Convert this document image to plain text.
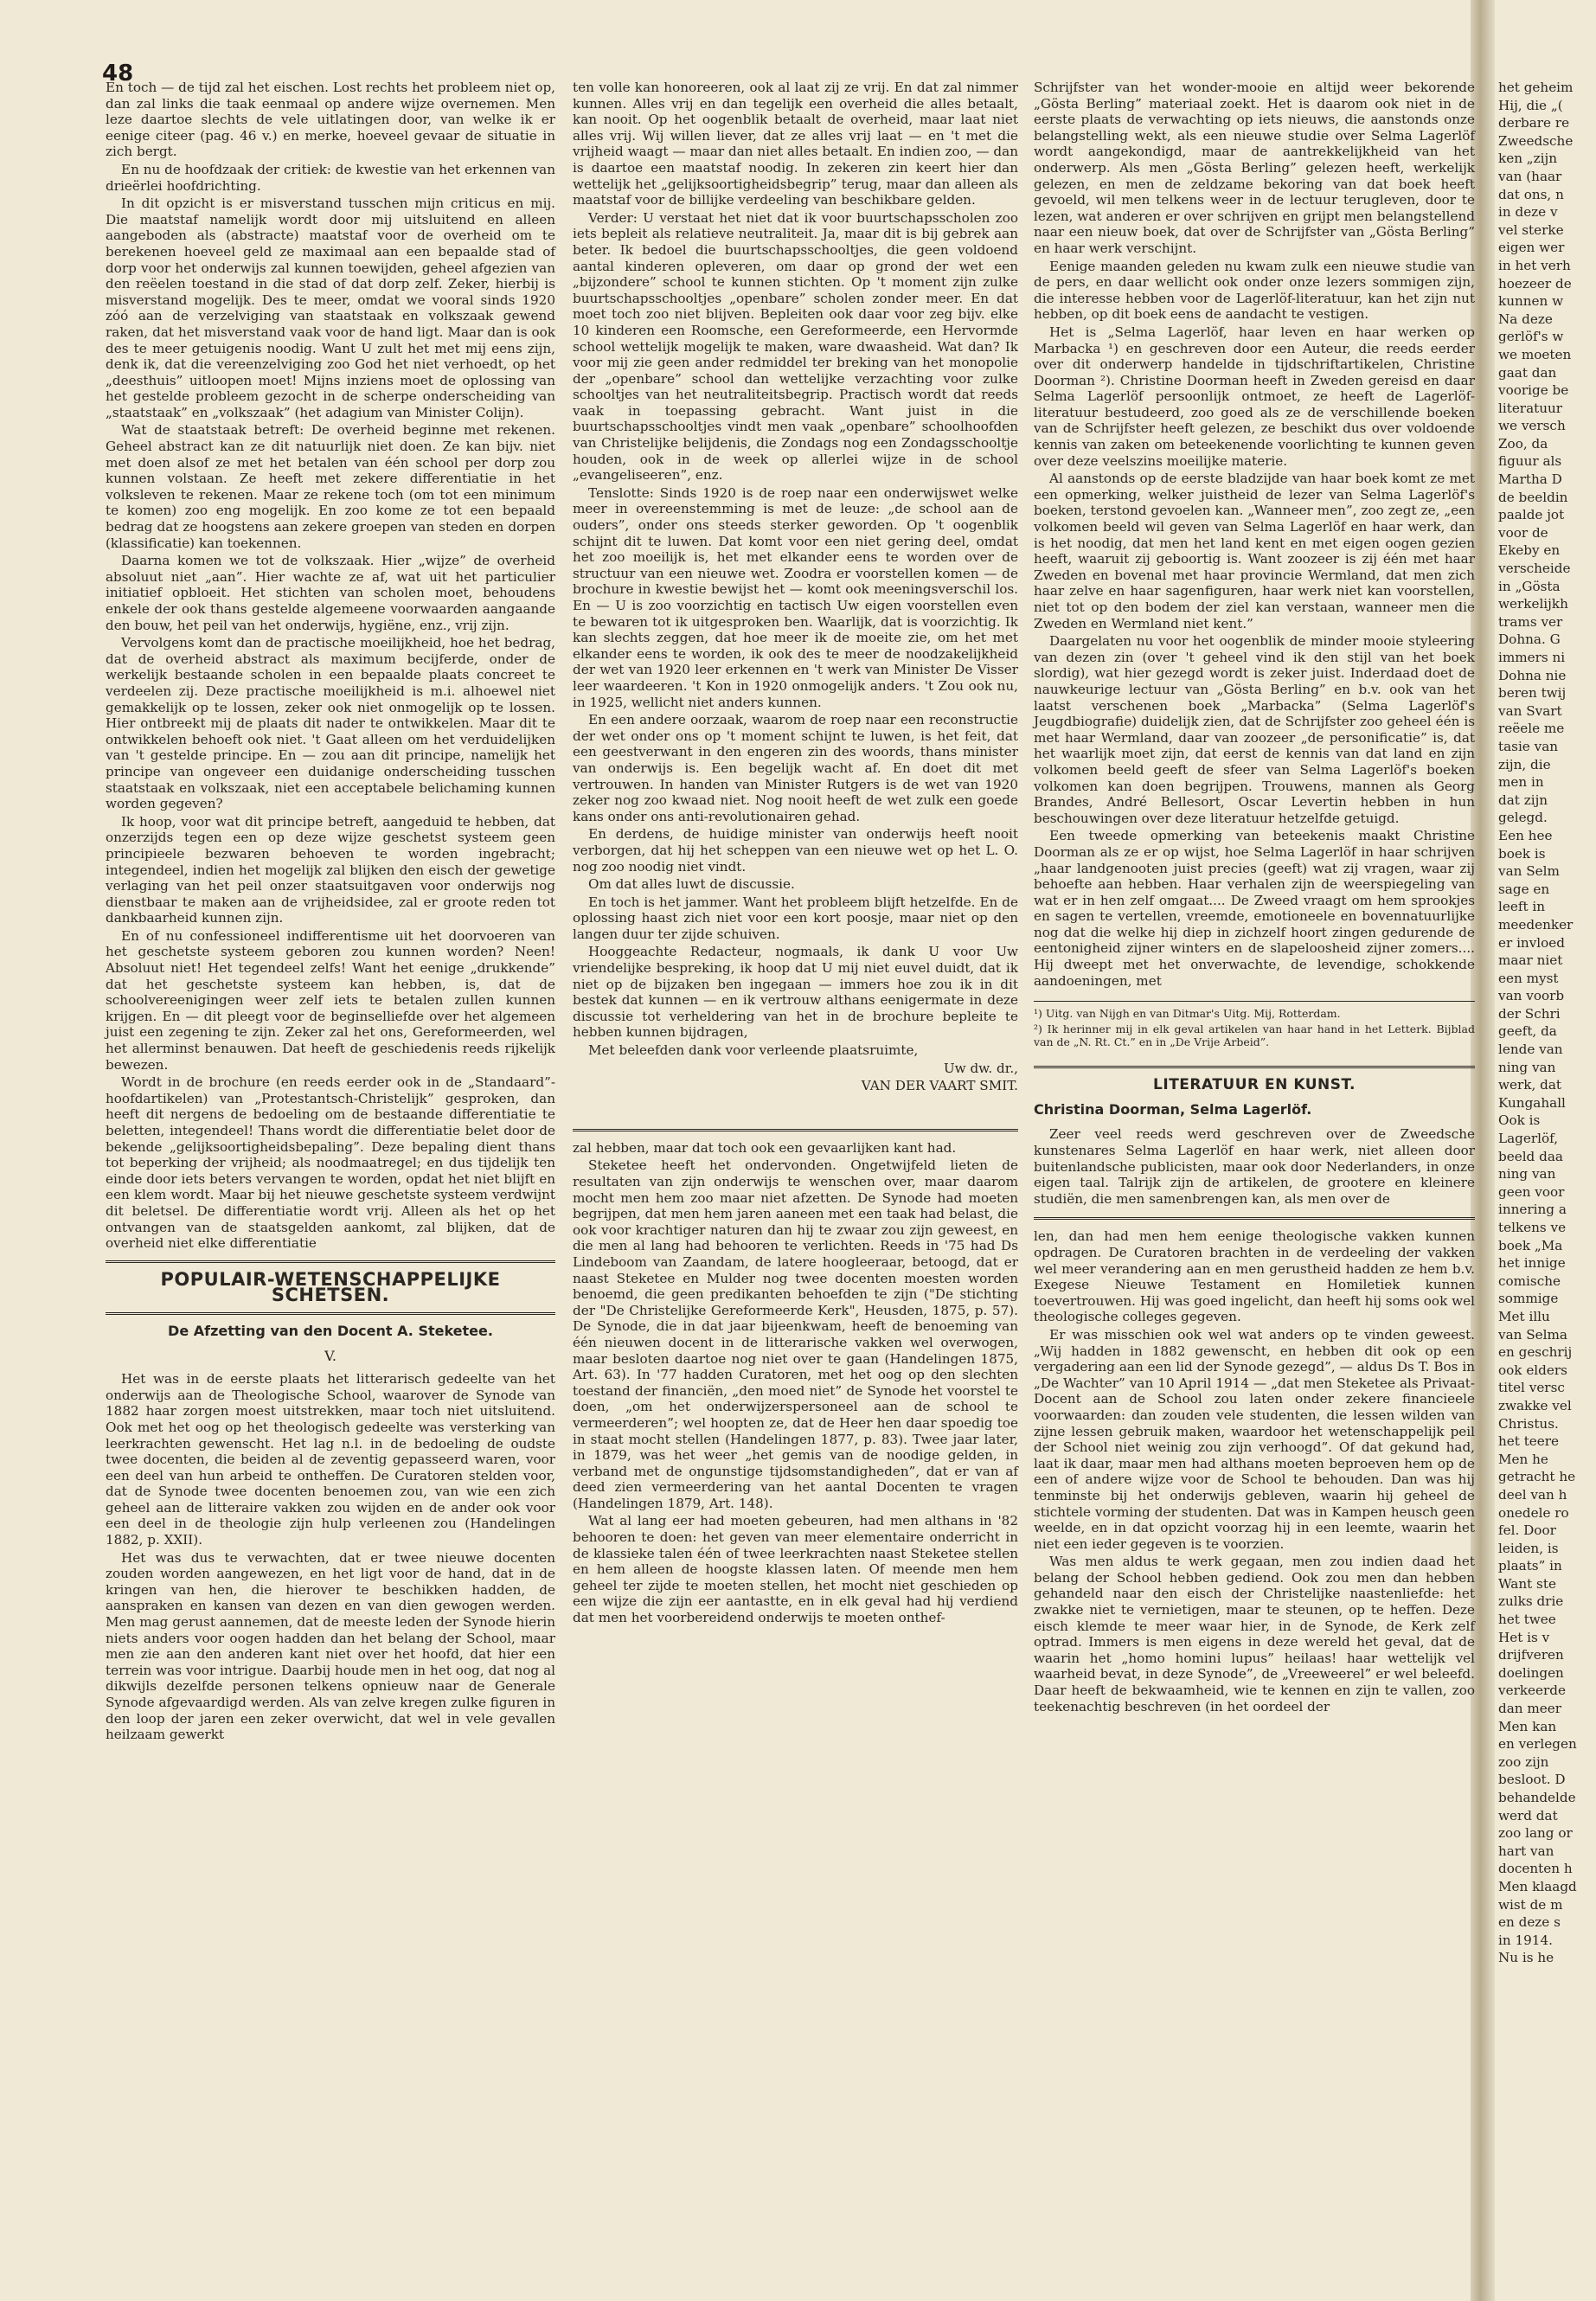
48

En toch — de tijd zal het eischen. Lost rechts het probleem niet op, dan zal links die taak eenmaal op andere wijze overnemen. Men leze daartoe slechts de vele uitlatingen door, van welke ik er eenige citeer (pag. 46 v.) en merke, hoeveel gevaar de situatie in zich bergt.

En nu de hoofdzaak der critiek: de kwestie van het erkennen van drieërlei hoofdrichting.

In dit opzicht is er misverstand tusschen mijn criticus en mij. Die maatstaf namelijk wordt door mij uitsluitend en alleen aangeboden als (abstracte) maatstaf voor de overheid om te berekenen hoeveel geld ze maximaal aan een bepaalde stad of dorp voor het onderwijs zal kunnen toewijden, geheel afgezien van den reëelen toestand in die stad of dat dorp zelf. Zeker, hierbij is misverstand mogelijk. Des te meer, omdat we vooral sinds 1920 zóó aan de verzelviging van staatstaak en volkszaak gewend raken, dat het misverstand vaak voor de hand ligt. Maar dan is ook des te meer getuigenis noodig. Want U zult het met mij eens zijn, denk ik, dat die vereenzelviging zoo God het niet verhoedt, op het „deesthuis” uitloopen moet! Mijns inziens moet de oplossing van het gestelde probleem gezocht in de scherpe onderscheiding van „staatstaak” en „volkszaak” (het adagium van Minister Colijn).

Wat de staatstaak betreft: De overheid beginne met rekenen. Geheel abstract kan ze dit natuurlijk niet doen. Ze kan bijv. niet met doen alsof ze met het betalen van één school per dorp zou kunnen volstaan. Ze heeft met zekere differentiatie in het volksleven te rekenen. Maar ze rekene toch (om tot een minimum te komen) zoo eng mogelijk. En zoo kome ze tot een bepaald bedrag dat ze hoogstens aan zekere groepen van steden en dorpen (klassificatie) kan toekennen.

Daarna komen we tot de volkszaak. Hier „wijze” de overheid absoluut niet „aan”. Hier wachte ze af, wat uit het particulier initiatief opbloeit. Het stichten van scholen moet, behoudens enkele der ook thans gestelde algemeene voorwaarden aangaande den bouw, het peil van het onderwijs, hygiëne, enz., vrij zijn.

Vervolgens komt dan de practische moeilijkheid, hoe het bedrag, dat de overheid abstract als maximum becijferde, onder de werkelijk bestaande scholen in een bepaalde plaats concreet te verdeelen zij. Deze practische moeilijkheid is m.i. alhoewel niet gemakkelijk op te lossen, zeker ook niet onmogelijk op te lossen. Hier ontbreekt mij de plaats dit nader te ontwikkelen. Maar dit te ontwikkelen behoeft ook niet. 't Gaat alleen om het verduidelijken van 't gestelde principe. En — zou aan dit principe, namelijk het principe van ongeveer een duidanige onderscheiding tusschen staatstaak en volkszaak, niet een acceptabele belichaming kunnen worden gegeven?

Ik hoop, voor wat dit principe betreft, aangeduid te hebben, dat onzerzijds tegen een op deze wijze geschetst systeem geen principieele bezwaren behoeven te worden ingebracht; integendeel, indien het mogelijk zal blijken den eisch der gewetige verlaging van het peil onzer staatsuitgaven voor onderwijs nog dienstbaar te maken aan de vrijheidsidee, zal er groote reden tot dankbaarheid kunnen zijn.

En of nu confessioneel indifferentisme uit het doorvoeren van het geschetste systeem geboren zou kunnen worden? Neen! Absoluut niet! Het tegendeel zelfs! Want het eenige „drukkende” dat het geschetste systeem kan hebben, is, dat de schoolvereenigingen weer zelf iets te betalen zullen kunnen krijgen. En — dit pleegt voor de beginselliefde over het algemeen juist een zegening te zijn. Zeker zal het ons, Gereformeerden, wel het allerminst benauwen. Dat heeft de geschiedenis reeds rijkelijk bewezen.

Wordt in de brochure (en reeds eerder ook in de „Standaard”-hoofdartikelen) van „Protestantsch-Christelijk” gesproken, dan heeft dit nergens de bedoeling om de bestaande differentiatie te beletten, integendeel! Thans wordt die differentiatie belet door de bekende „gelijksoortigheidsbepaling”. Deze bepaling dient thans tot beperking der vrijheid; als noodmaatregel; en dus tijdelijk ten einde door iets beters vervangen te worden, opdat het niet blijft en een klem wordt. Maar bij het nieuwe geschetste systeem verdwijnt dit beletsel. De differentiatie wordt vrij. Alleen als het op het ontvangen van de staatsgelden aankomt, zal blijken, dat de overheid niet elke differentiatie

POPULAIR-WETENSCHAPPELIJKE SCHETSEN.
De Afzetting van den Docent A. Steketee.
V.

Het was in de eerste plaats het litterarisch gedeelte van het onderwijs aan de Theologische School, waarover de Synode van 1882 haar zorgen moest uitstrekken, maar toch niet uitsluitend. Ook met het oog op het theologisch gedeelte was versterking van leerkrachten gewenscht. Het lag n.l. in de bedoeling de oudste twee docenten, die beiden al de zeventig gepasseerd waren, voor een deel van hun arbeid te ontheffen. De Curatoren stelden voor, dat de Synode twee docenten benoemen zou, van wie een zich geheel aan de litteraire vakken zou wijden en de ander ook voor een deel in de theologie zijn hulp verleenen zou (Handelingen 1882, p. XXII).

Het was dus te verwachten, dat er twee nieuwe docenten zouden worden aangewezen, en het ligt voor de hand, dat in de kringen van hen, die hierover te beschikken hadden, de aanspraken en kansen van dezen en van dien gewogen werden. Men mag gerust aannemen, dat de meeste leden der Synode hierin niets anders voor oogen hadden dan het belang der School, maar men zie aan den anderen kant niet over het hoofd, dat hier een terrein was voor intrigue. Daarbij houde men in het oog, dat nog al dikwijls dezelfde personen telkens opnieuw naar de Generale Synode afgevaardigd werden. Als van zelve kregen zulke figuren in den loop der jaren een zeker overwicht, dat wel in vele gevallen heilzaam gewerkt

ten volle kan honoreeren, ook al laat zij ze vrij. En dat zal nimmer kunnen. Alles vrij en dan tegelijk een overheid die alles betaalt, kan nooit. Op het oogenblik betaalt de overheid, maar laat niet alles vrij. Wij willen liever, dat ze alles vrij laat — en 't met die vrijheid waagt — maar dan niet alles betaalt. En indien zoo, — dan is daartoe een maatstaf noodig. In zekeren zin keert hier dan wettelijk het „gelijksoortigheidsbegrip” terug, maar dan alleen als maatstaf voor de billijke verdeeling van beschikbare gelden.

Verder: U verstaat het niet dat ik voor buurtschapsscholen zoo iets bepleit als relatieve neutraliteit. Ja, maar dit is bij gebrek aan beter. Ik bedoel die buurtschapsschooltjes, die geen voldoend aantal kinderen opleveren, om daar op grond der wet een „bijzondere” school te kunnen stichten. Op 't moment zijn zulke buurtschapsschooltjes „openbare” scholen zonder meer. En dat moet toch zoo niet blijven. Bepleiten ook daar voor zeg bijv. elke 10 kinderen een Roomsche, een Gereformeerde, een Hervormde school wettelijk mogelijk te maken, ware dwaasheid. Wat dan? Ik voor mij zie geen ander redmiddel ter breking van het monopolie der „openbare” school dan wettelijke verzachting voor zulke schooltjes van het neutraliteitsbegrip. Practisch wordt dat reeds vaak in toepassing gebracht. Want juist in die buurtschapsschooltjes vindt men vaak „openbare” schoolhoofden van Christelijke belijdenis, die Zondags nog een Zondagsschooltje houden, ook in de week op allerlei wijze in de school „evangeliseeren”, enz.

Tenslotte: Sinds 1920 is de roep naar een onderwijswet welke meer in overeenstemming is met de leuze: „de school aan de ouders”, onder ons steeds sterker geworden. Op 't oogenblik schijnt dit te luwen. Dat komt voor een niet gering deel, omdat het zoo moeilijk is, het met elkander eens te worden over de structuur van een nieuwe wet. Zoodra er voorstellen komen — de brochure in kwestie bewijst het — komt ook meeningsverschil los. En — U is zoo voorzichtig en tactisch Uw eigen voorstellen even te bewaren tot ik uitgesproken ben. Waarlijk, dat is voorzichtig. Ik kan slechts zeggen, dat hoe meer ik de moeite zie, om het met elkander eens te worden, ik ook des te meer de noodzakelijkheid der wet van 1920 leer erkennen en 't werk van Minister De Visser leer waardeeren. 't Kon in 1920 onmogelijk anders. 't Zou ook nu, in 1925, wellicht niet anders kunnen.

En een andere oorzaak, waarom de roep naar een reconstructie der wet onder ons op 't moment schijnt te luwen, is het feit, dat een geestverwant in den engeren zin des woords, thans minister van onderwijs is. Een begelijk wacht af. En doet dit met vertrouwen. In handen van Minister Rutgers is de wet van 1920 zeker nog zoo kwaad niet. Nog nooit heeft de wet zulk een goede kans onder ons anti-revolutionairen gehad.

En derdens, de huidige minister van onderwijs heeft nooit verborgen, dat hij het scheppen van een nieuwe wet op het L. O. nog zoo noodig niet vindt.

Om dat alles luwt de discussie.

En toch is het jammer. Want het probleem blijft hetzelfde. En de oplossing haast zich niet voor een kort poosje, maar niet op den langen duur ter zijde schuiven.

Hooggeachte Redacteur, nogmaals, ik dank U voor Uw vriendelijke bespreking, ik hoop dat U mij niet euvel duidt, dat ik niet op de bijzaken ben ingegaan — immers hoe zou ik in dit bestek dat kunnen — en ik vertrouw althans eenigermate in deze discussie tot verheldering van het in de brochure bepleite te hebben kunnen bijdragen,

Met beleefden dank voor verleende plaatsruimte,

Uw dw. dr.,
VAN DER VAART SMIT.

zal hebben, maar dat toch ook een gevaarlijken kant had.

Steketee heeft het ondervonden. Ongetwijfeld lieten de resultaten van zijn onderwijs te wenschen over, maar daarom mocht men hem zoo maar niet afzetten. De Synode had moeten begrijpen, dat men hem jaren aaneen met een taak had belast, die ook voor krachtiger naturen dan hij te zwaar zou zijn geweest, en die men al lang had behooren te verlichten. Reeds in '75 had Ds Lindeboom van Zaandam, de latere hoogleeraar, betoogd, dat er naast Steketee en Mulder nog twee docenten moesten worden benoemd, die geen predikanten behoefden te zijn ("De stichting der "De Christelijke Gereformeerde Kerk", Heusden, 1875, p. 57). De Synode, die in dat jaar bijeenkwam, heeft de benoeming van één nieuwen docent in de litterarische vakken wel overwogen, maar besloten daartoe nog niet over te gaan (Handelingen 1875, Art. 63). In '77 hadden Curatoren, met het oog op den slechten toestand der financiën, „den moed niet” de Synode het voorstel te doen, „om het onderwijzerspersoneel aan de school te vermeerderen”; wel hoopten ze, dat de Heer hen daar spoedig toe in staat mocht stellen (Handelingen 1877, p. 83). Twee jaar later, in 1879, was het weer „het gemis van de noodige gelden, in verband met de ongunstige tijdsomstandigheden”, dat er van af deed zien vermeerdering van het aantal Docenten te vragen (Handelingen 1879, Art. 148).

Wat al lang eer had moeten gebeuren, had men althans in '82 behooren te doen: het geven van meer elementaire onderricht in de klassieke talen één of twee leerkrachten naast Steketee stellen en hem alleen de hoogste klassen laten. Of meende men hem geheel ter zijde te moeten stellen, het mocht niet geschieden op een wijze die zijn eer aantastte, en in elk geval had hij verdiend dat men het voorbereidend onderwijs te moeten onthef-

Schrijfster van het wonder-mooie en altijd weer bekorende „Gösta Berling” materiaal zoekt. Het is daarom ook niet in de eerste plaats de verwachting op iets nieuws, die aanstonds onze belangstelling wekt, als een nieuwe studie over Selma Lagerlöf wordt aangekondigd, maar de aantrekkelijkheid van het onderwerp. Als men „Gösta Berling” gelezen heeft, werkelijk gelezen, en men de zeldzame bekoring van dat boek heeft gevoeld, wil men telkens weer in de lectuur terugleven, door te lezen, wat anderen er over schrijven en grijpt men belangstellend naar een nieuw boek, dat over de Schrijfster van „Gösta Berling” en haar werk verschijnt.

Eenige maanden geleden nu kwam zulk een nieuwe studie van de pers, en daar wellicht ook onder onze lezers sommigen zijn, die interesse hebben voor de Lagerlöf-literatuur, kan het zijn nut hebben, op dit boek eens de aandacht te vestigen.

Het is „Selma Lagerlöf, haar leven en haar werken op Marbacka ¹) en geschreven door een Auteur, die reeds eerder over dit onderwerp handelde in tijdschriftartikelen, Christine Doorman ²). Christine Doorman heeft in Zweden gereisd en daar Selma Lagerlöf persoonlijk ontmoet, ze heeft de Lagerlöf-literatuur bestudeerd, zoo goed als ze de verschillende boeken van de Schrijfster heeft gelezen, ze beschikt dus over voldoende kennis van zaken om beteekenende voorlichting te kunnen geven over deze veelszins moeilijke materie.

Al aanstonds op de eerste bladzijde van haar boek komt ze met een opmerking, welker juistheid de lezer van Selma Lagerlöf's boeken, terstond gevoelen kan. „Wanneer men”, zoo zegt ze, „een volkomen beeld wil geven van Selma Lagerlöf en haar werk, dan is het noodig, dat men het land kent en met eigen oogen gezien heeft, waaruit zij geboortig is. Want zoozeer is zij één met haar Zweden en bovenal met haar provincie Wermland, dat men zich haar zelve en haar sagenfiguren, haar werk niet kan voorstellen, niet tot op den bodem der ziel kan verstaan, wanneer men die Zweden en Wermland niet kent.”

Daargelaten nu voor het oogenblik de minder mooie styleering van dezen zin (over 't geheel vind ik den stijl van het boek slordig), wat hier gezegd wordt is zeker juist. Inderdaad doet de nauwkeurige lectuur van „Gösta Berling” en b.v. ook van het laatst verschenen boek „Marbacka” (Selma Lagerlöf's Jeugdbiografie) duidelijk zien, dat de Schrijfster zoo geheel één is met haar Wermland, daar van zoozeer „de personificatie” is, dat het waarlijk moet zijn, dat eerst de kennis van dat land en zijn volkomen beeld geeft de sfeer van Selma Lagerlöf's boeken volkomen kan doen begrijpen. Trouwens, mannen als Georg Brandes, André Bellesort, Oscar Levertin hebben in hun beschouwingen over deze literatuur hetzelfde getuigd.

Een tweede opmerking van beteekenis maakt Christine Doorman als ze er op wijst, hoe Selma Lagerlöf in haar schrijven „haar landgenooten juist precies (geeft) wat zij vragen, waar zij behoefte aan hebben. Haar verhalen zijn de weerspiegeling van wat er in hen zelf omgaat.... De Zweed vraagt om hem sprookjes en sagen te vertellen, vreemde, emotioneele en bovennatuurlijke nog dat die welke hij diep in zichzelf hoort zingen gedurende de eentonigheid zijner winters en de slapeloosheid zijner zomers.... Hij dweept met het onverwachte, de levendige, schokkende aandoeningen, met

¹) Uitg. van Nijgh en van Ditmar's Uitg. Mij, Rotterdam.

²) Ik herinner mij in elk geval artikelen van haar hand in het Letterk. Bijblad van de „N. Rt. Ct.” en in „De Vrije Arbeid”.

LITERATUUR EN KUNST.
Christina Doorman, Selma Lagerlöf.

Zeer veel reeds werd geschreven over de Zweedsche kunstenares Selma Lagerlöf en haar werk, niet alleen door buitenlandsche publicisten, maar ook door Nederlanders, in onze eigen taal. Talrijk zijn de artikelen, de grootere en kleinere studiën, die men samenbrengen kan, als men over de

len, dan had men hem eenige theologische vakken kunnen opdragen. De Curatoren brachten in de verdeeling der vakken wel meer verandering aan en men gerustheid hadden ze hem b.v. Exegese Nieuwe Testament en Homiletiek kunnen toevertrouwen. Hij was goed ingelicht, dan heeft hij soms ook wel theologische colleges gegeven.

Er was misschien ook wel wat anders op te vinden geweest. „Wij hadden in 1882 gewenscht, en hebben dit ook op een vergadering aan een lid der Synode gezegd”, — aldus Ds T. Bos in „De Wachter” van 10 April 1914 — „dat men Steketee als Privaat-Docent aan de School zou laten onder zekere financieele voorwaarden: dan zouden vele studenten, die lessen wilden van zijne lessen gebruik maken, waardoor het wetenschappelijk peil der School niet weinig zou zijn verhoogd”. Of dat gekund had, laat ik daar, maar men had althans moeten beproeven hem op de een of andere wijze voor de School te behouden. Dan was hij tenminste bij het onderwijs gebleven, waarin hij geheel de stichtele vorming der studenten. Dat was in Kampen heusch geen weelde, en in dat opzicht voorzag hij in een leemte, waarin het niet een ieder gegeven is te voorzien.

Was men aldus te werk gegaan, men zou indien daad het belang der School hebben gediend. Ook zou men dan hebben gehandeld naar den eisch der Christelijke naastenliefde: het zwakke niet te vernietigen, maar te steunen, op te heffen. Deze eisch klemde te meer waar hier, in de Synode, de Kerk zelf optrad. Immers is men eigens in deze wereld het geval, dat de waarin het „homo homini lupus” heilaas! haar wettelijk vel waarheid bevat, in deze Synode”, de „Vreeweerel” er wel beleefd. Daar heeft de bekwaamheid, wie te kennen en zijn te vallen, zoo teekenachtig beschreven (in het oordeel der

het geheim

Hij, die „(

derbare re

Zweedsche

ken „zijn

van (haar

dat ons, n

in deze v

vel sterke

eigen wer

in het verh

hoezeer de

kunnen w

Na deze

gerlöf's w

we moeten

gaat dan

voorige be

literatuur

we versch

Zoo, da

figuur als

Martha D

de beeldin

paalde jot

voor de

Ekeby en

verscheide

in „Gösta

werkelijkh

trams ver

Dohna. G

immers ni

Dohna nie

beren twij

van Svart

reëele me

tasie van

zijn, die

men in

dat zijn

gelegd.

Een hee

boek is

van Selm

sage en

leeft in

meedenker

er invloed

maar niet

een myst

van voorb

der Schri

geeft, da

lende van

ning van

werk, dat

Kungahall

Ook is

Lagerlöf,

beeld daa

ning van

geen voor

innering a

telkens ve

boek „Ma

het innige

comische

sommige

Met illu

van Selma

en geschrij

ook elders

titel versc

zwakke vel

Christus.

het teere

Men he

getracht he

deel van h

onedele ro

fel. Door

leiden, is

plaats” in

Want ste

zulks drie

het twee

Het is v

drijfveren

doelingen

verkeerde

dan meer

Men kan

en verlegen

zoo zijn

besloot. D

behandelde

werd dat

zoo lang or

hart van

docenten h

Men klaagd

wist de m

en deze s

in 1914.

Nu is he
